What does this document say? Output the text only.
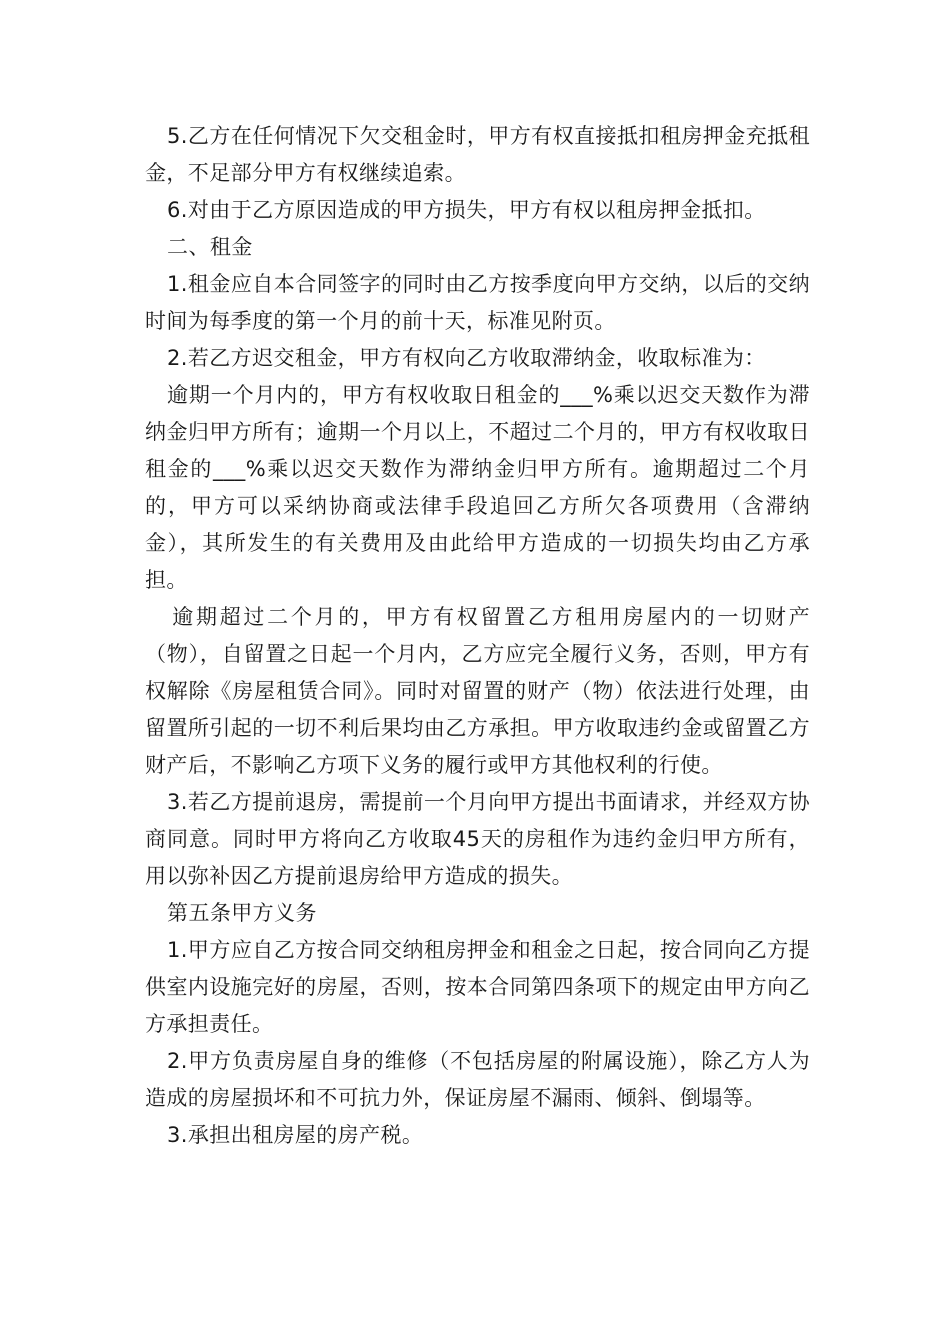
5.乙方在任何情况下欠交租金时，甲方有权直接抵扣租房押金充抵租金，不足部分甲方有权继续追索。

6.对由于乙方原因造成的甲方损失，甲方有权以租房押金抵扣。

二、租金

1.租金应自本合同签字的同时由乙方按季度向甲方交纳，以后的交纳时间为每季度的第一个月的前十天，标准见附页。

2.若乙方迟交租金，甲方有权向乙方收取滞纳金，收取标准为：

逾期一个月内的，甲方有权收取日租金的___%乘以迟交天数作为滞纳金归甲方所有；逾期一个月以上，不超过二个月的，甲方有权收取日租金的___%乘以迟交天数作为滞纳金归甲方所有。逾期超过二个月的，甲方可以采纳协商或法律手段追回乙方所欠各项费用（含滞纳金），其所发生的有关费用及由此给甲方造成的一切损失均由乙方承担。

逾期超过二个月的，甲方有权留置乙方租用房屋内的一切财产（物），自留置之日起一个月内，乙方应完全履行义务，否则，甲方有权解除《房屋租赁合同》。同时对留置的财产（物）依法进行处理，由留置所引起的一切不利后果均由乙方承担。甲方收取违约金或留置乙方财产后，不影响乙方项下义务的履行或甲方其他权利的行使。

3.若乙方提前退房，需提前一个月向甲方提出书面请求，并经双方协商同意。同时甲方将向乙方收取45天的房租作为违约金归甲方所有，用以弥补因乙方提前退房给甲方造成的损失。

第五条甲方义务

1.甲方应自乙方按合同交纳租房押金和租金之日起，按合同向乙方提供室内设施完好的房屋，否则，按本合同第四条项下的规定由甲方向乙方承担责任。

2.甲方负责房屋自身的维修（不包括房屋的附属设施），除乙方人为造成的房屋损坏和不可抗力外，保证房屋不漏雨、倾斜、倒塌等。

3.承担出租房屋的房产税。
